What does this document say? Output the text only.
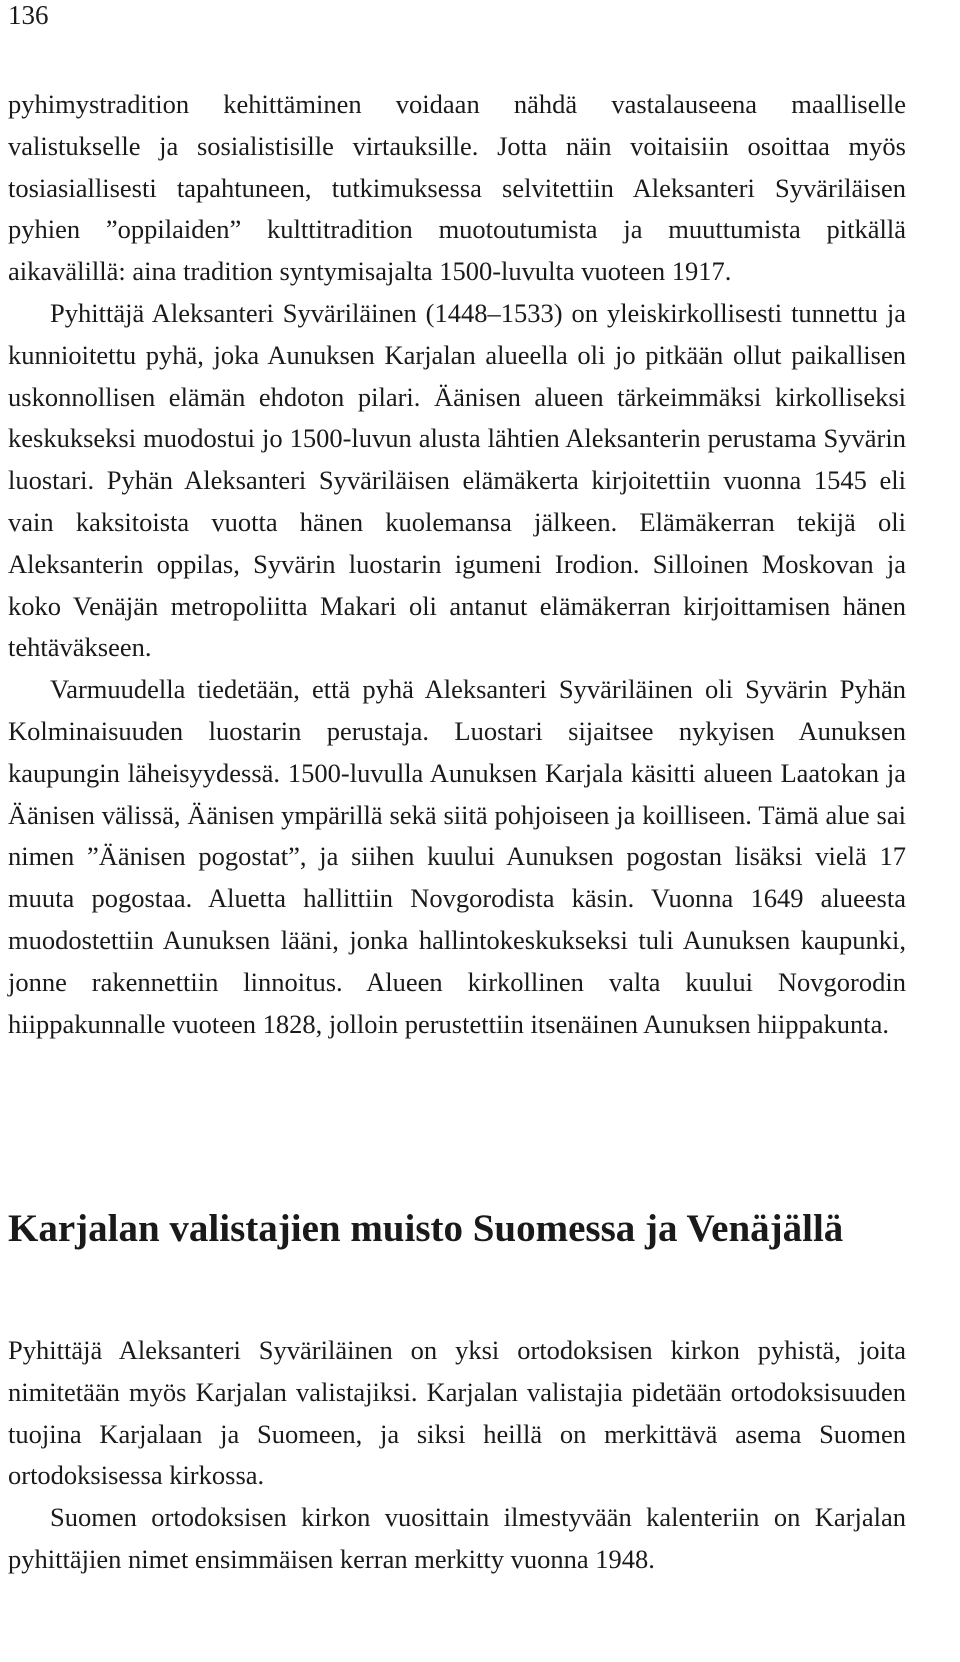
136

pyhimystradition kehittäminen voidaan nähdä vastalauseena maalliselle valistukselle ja sosialistisille virtauksille. Jotta näin voitaisiin osoittaa myös tosiasiallisesti tapahtuneen, tutkimuksessa selvitettiin Aleksanteri Syväriläisen pyhien ”oppilaiden” kulttitradition muotoutumista ja muuttumista pitkällä aikavälillä: aina tradition syntymisajalta 1500-luvulta vuoteen 1917.

Pyhittäjä Aleksanteri Syväriläinen (1448–1533) on yleiskirkollisesti tunnettu ja kunnioitettu pyhä, joka Aunuksen Karjalan alueella oli jo pitkään ollut paikallisen uskonnollisen elämän ehdoton pilari. Äänisen alueen tärkeimmäksi kirkolliseksi keskukseksi muodostui jo 1500-luvun alusta lähtien Aleksanterin perustama Syvärin luostari. Pyhän Aleksanteri Syväriläisen elämäkerta kirjoitettiin vuonna 1545 eli vain kaksitoista vuotta hänen kuolemansa jälkeen. Elämäkerran tekijä oli Aleksanterin oppilas, Syvärin luostarin igumeni Irodion. Silloinen Moskovan ja koko Venäjän metropoliitta Makari oli antanut elämäkerran kirjoittamisen hänen tehtäväkseen.

Varmuudella tiedetään, että pyhä Aleksanteri Syväriläinen oli Syvärin Pyhän Kolminaisuuden luostarin perustaja. Luostari sijaitsee nykyisen Aunuksen kaupungin läheisyydessä. 1500-luvulla Aunuksen Karjala käsitti alueen Laatokan ja Äänisen välissä, Äänisen ympärillä sekä siitä pohjoiseen ja koilliseen. Tämä alue sai nimen ”Äänisen pogostat”, ja siihen kuului Aunuksen pogostan lisäksi vielä 17 muuta pogostaa. Aluetta hallittiin Novgorodista käsin. Vuonna 1649 alueesta muodostettiin Aunuksen lääni, jonka hallintokeskukseksi tuli Aunuksen kaupunki, jonne rakennettiin linnoitus. Alueen kirkollinen valta kuului Novgorodin hiippakunnalle vuoteen 1828, jolloin perustettiin itsenäinen Aunuksen hiippakunta.

Karjalan valistajien muisto Suomessa ja Venäjällä

Pyhittäjä Aleksanteri Syväriläinen on yksi ortodoksisen kirkon pyhistä, joita nimitetään myös Karjalan valistajiksi. Karjalan valistajia pidetään ortodoksisuuden tuojina Karjalaan ja Suomeen, ja siksi heillä on merkittävä asema Suomen ortodoksisessa kirkossa.

Suomen ortodoksisen kirkon vuosittain ilmestyvään kalenteriin on Karjalan pyhittäjien nimet ensimmäisen kerran merkitty vuonna 1948.
